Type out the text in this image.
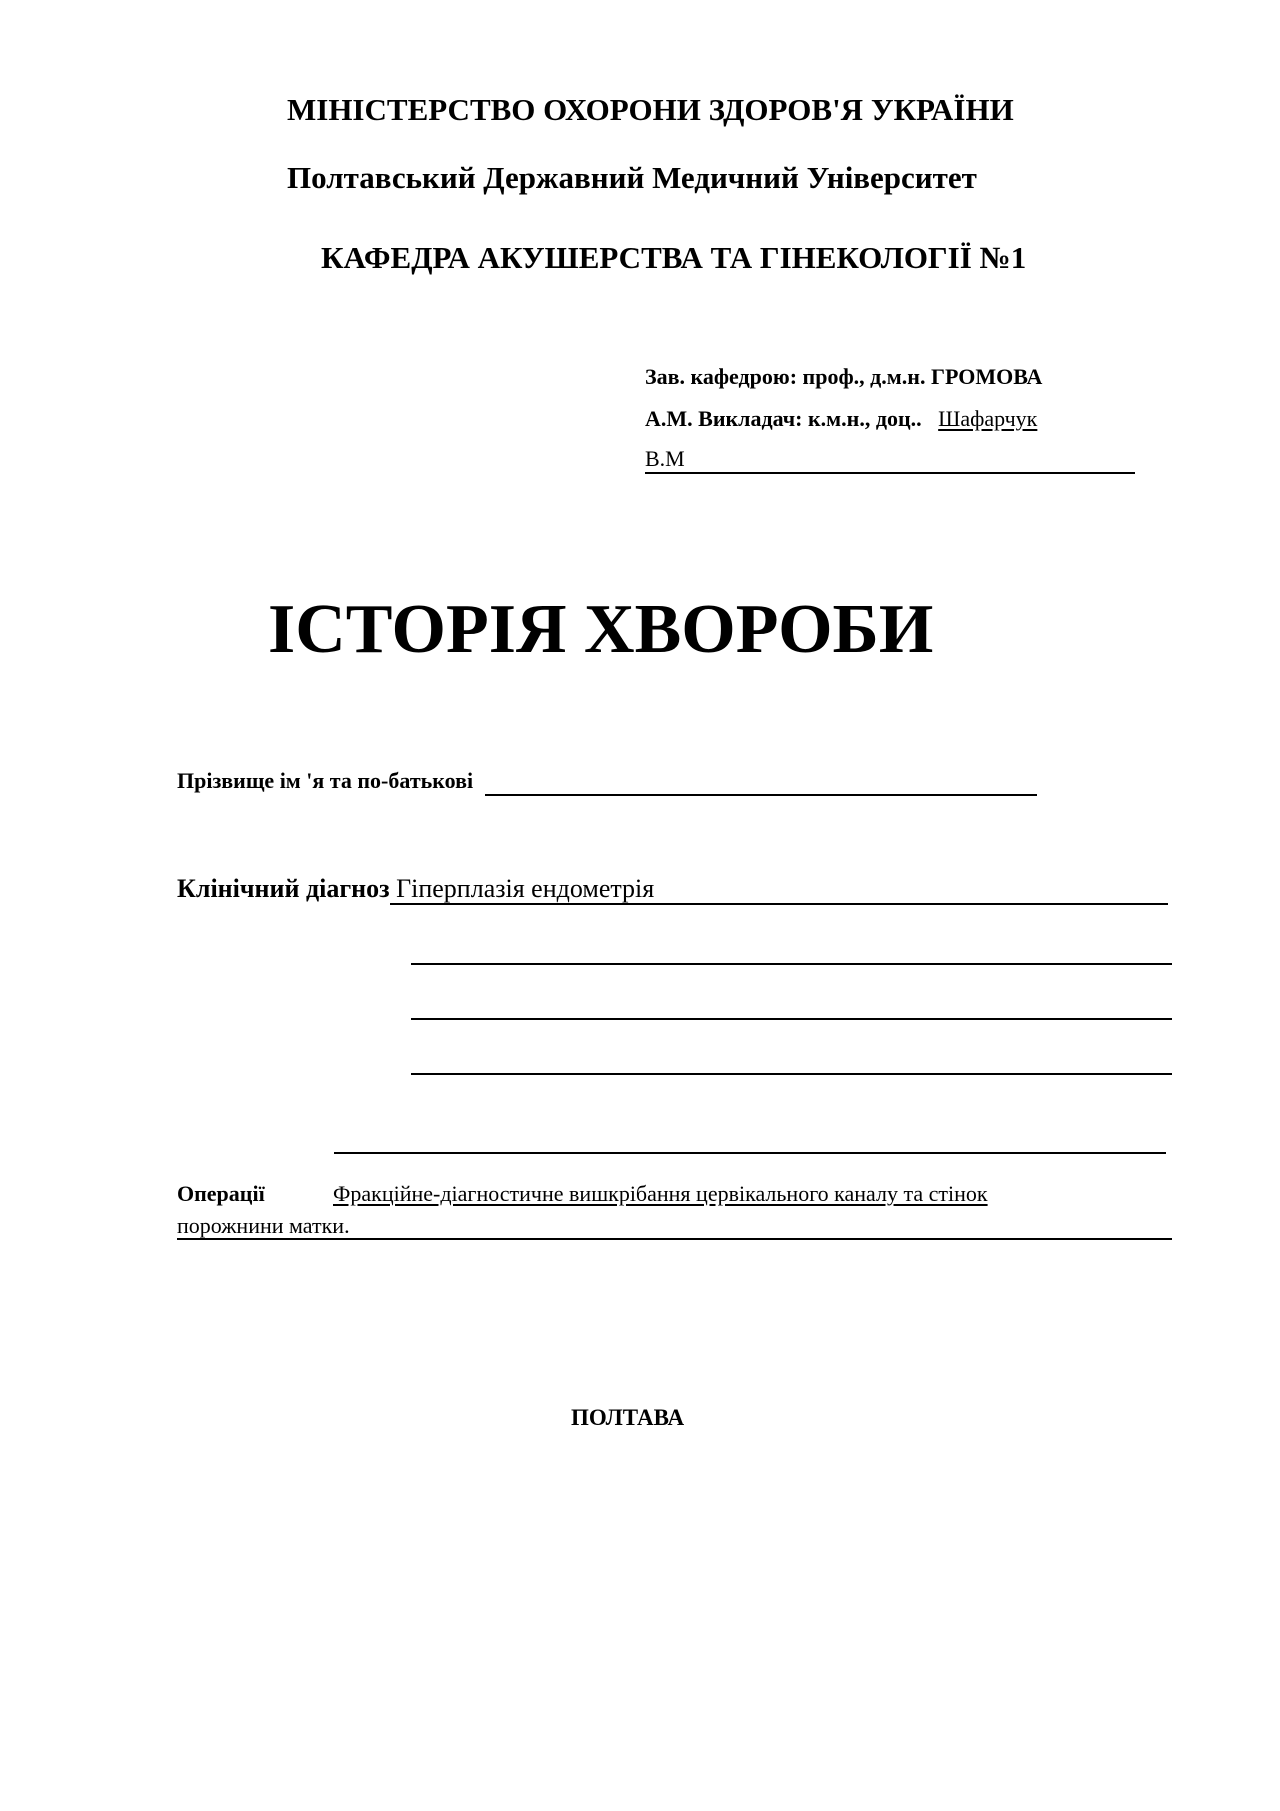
МІНІСТЕРСТВО ОХОРОНИ ЗДОРОВ'Я УКРАЇНИ
Полтавський Державний Медичний Університет
КАФЕДРА АКУШЕРСТВА ТА ГІНЕКОЛОГІЇ №1
Зав. кафедрою: проф., д.м.н. ГРОМОВА
А.М. Викладач: к.м.н., доц.. Шафарчук
В.М
ІСТОРІЯ ХВОРОБИ
Прізвище ім 'я та по-батькові
Клінічний діагноз Гіперплазія ендометрія
Операції	Фракційне-діагностичне вишкрібання цервікального каналу та стінок
порожнини матки.
ПОЛТАВА
